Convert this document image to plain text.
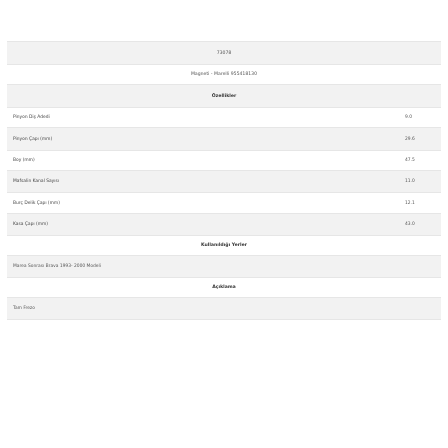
73078
Magneti - Marelli 955418130
Özellikler
Pinyon Diş Adedi	9.0
Pinyon Çapı (mm)	29.6
Boy (mm)	47.5
Mafsalin Kanal Sayısı	11.0
Burç Delik Çapı (mm)	12.1
Kasa Çapı (mm)	43.0
Kullanıldığı Yerler
Marea Sonrası Brava 1993- 2000 Modeli
Açıklama
Tam Frezo
